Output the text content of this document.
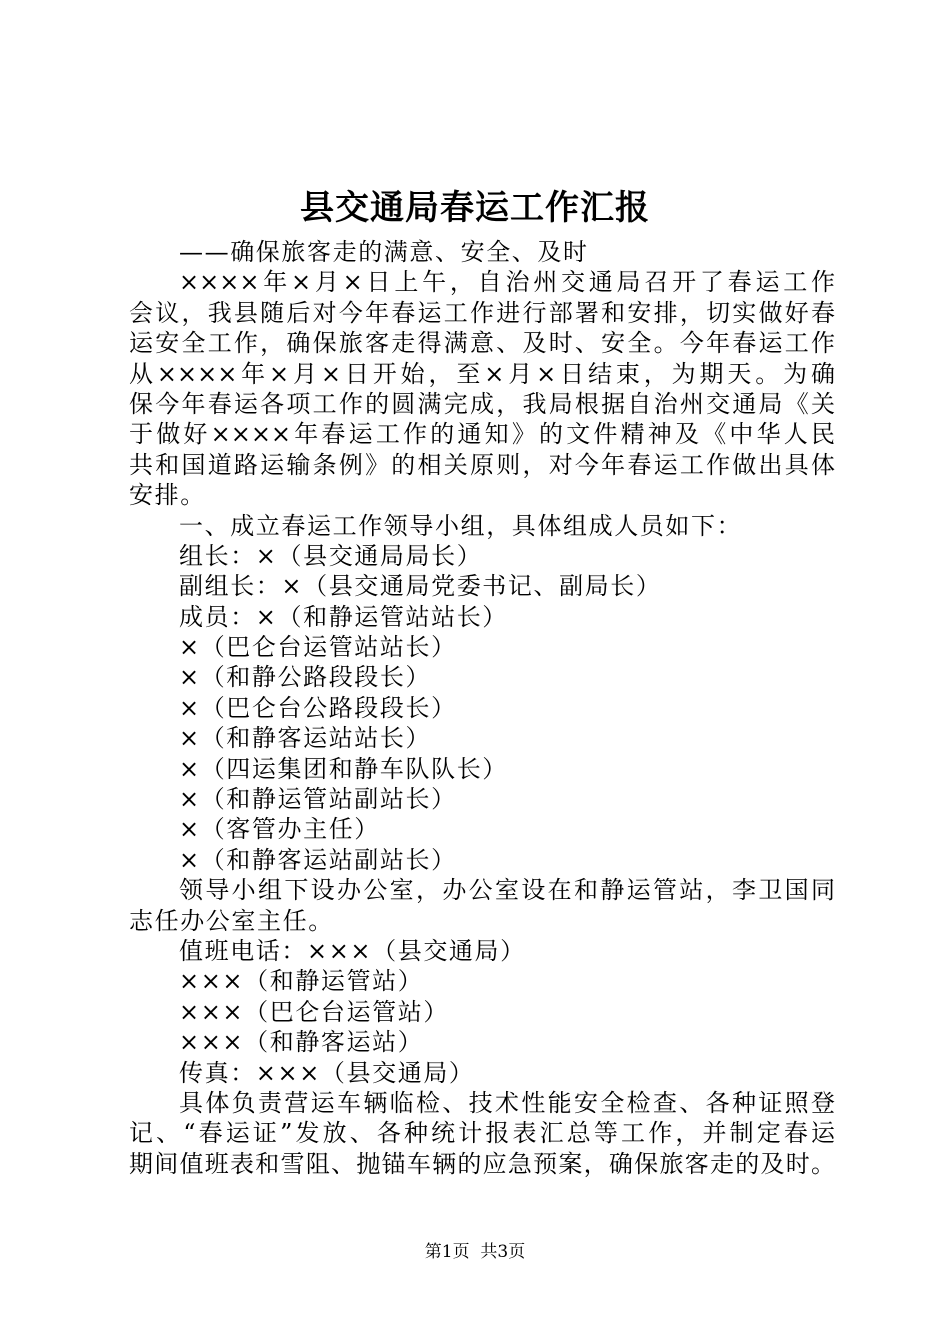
县交通局春运工作汇报
——确保旅客走的满意、安全、及时
××××年×月×日上午，自治州交通局召开了春运工作
会议，我县随后对今年春运工作进行部署和安排，切实做好春
运安全工作，确保旅客走得满意、及时、安全。今年春运工作
从××××年×月×日开始，至×月×日结束，为期天。为确
保今年春运各项工作的圆满完成，我局根据自治州交通局《关
于做好××××年春运工作的通知》的文件精神及《中华人民
共和国道路运输条例》的相关原则，对今年春运工作做出具体
安排。
一、成立春运工作领导小组，具体组成人员如下：
组长：×（县交通局局长）
副组长：×（县交通局党委书记、副局长）
成员：×（和静运管站站长）
×（巴仑台运管站站长）
×（和静公路段段长）
×（巴仑台公路段段长）
×（和静客运站站长）
×（四运集团和静车队队长）
×（和静运管站副站长）
×（客管办主任）
×（和静客运站副站长）
领导小组下设办公室，办公室设在和静运管站，李卫国同
志任办公室主任。
值班电话：×××（县交通局）
×××（和静运管站）
×××（巴仑台运管站）
×××（和静客运站）
传真：×××（县交通局）
具体负责营运车辆临检、技术性能安全检查、各种证照登
记、“春运证”发放、各种统计报表汇总等工作，并制定春运
期间值班表和雪阻、抛锚车辆的应急预案，确保旅客走的及时。
第1页  共3页
